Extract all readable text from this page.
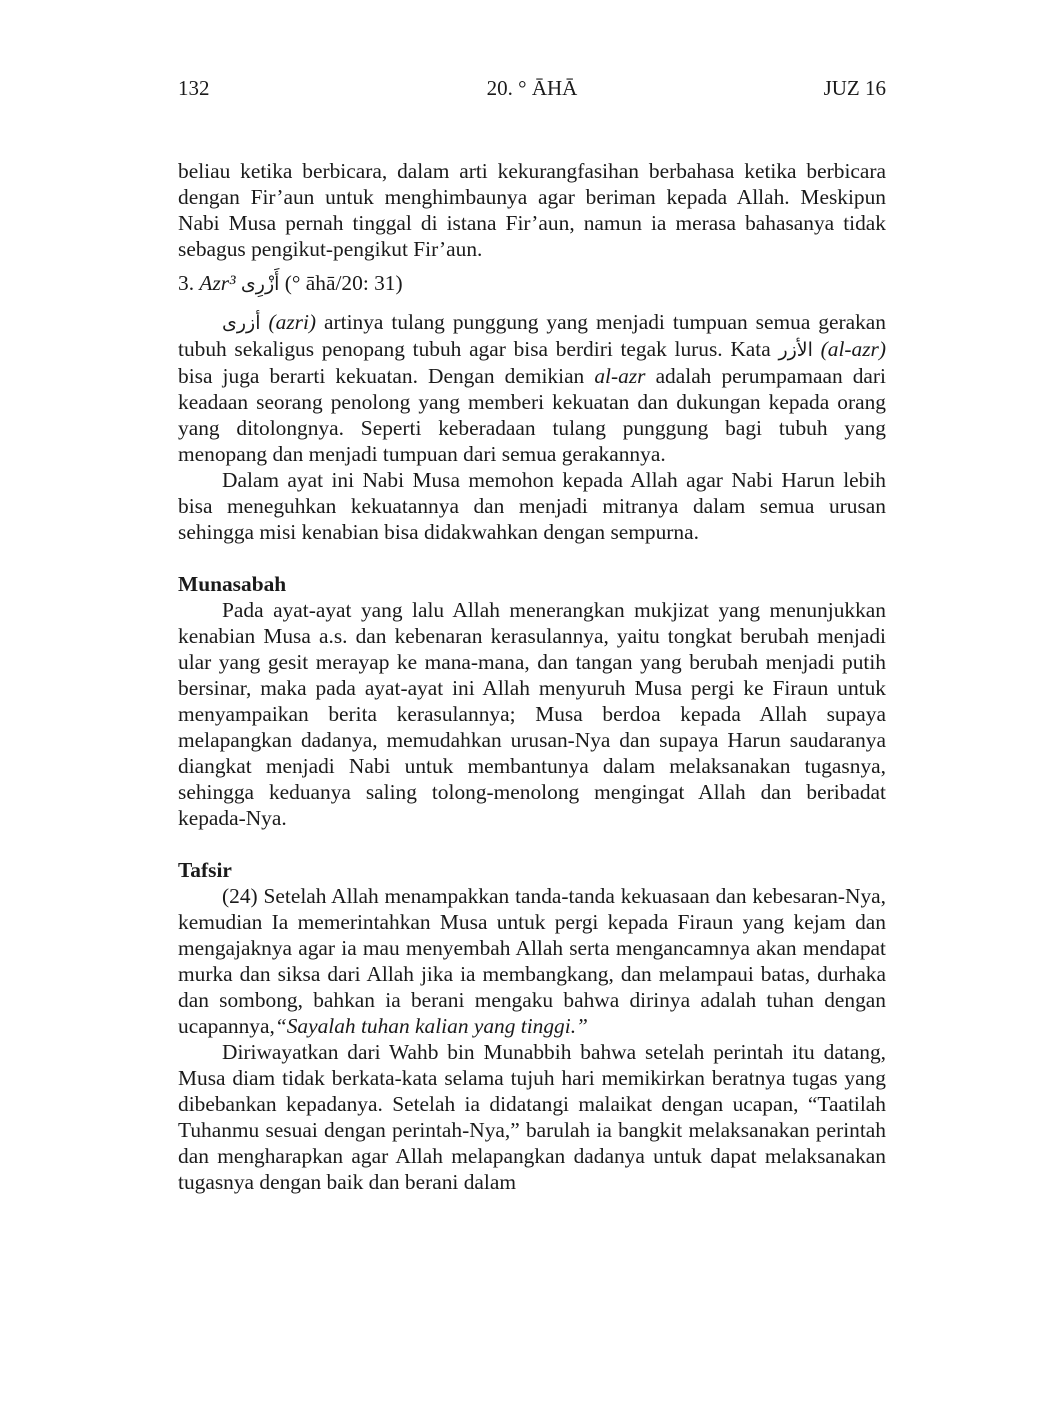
132	20. ° ĀHĀ	JUZ 16

beliau ketika berbicara, dalam arti kekurangfasihan berbahasa ketika berbicara dengan Fir’aun untuk menghimbaunya agar beriman kepada Allah. Meskipun Nabi Musa pernah tinggal di istana Fir’aun, namun ia merasa bahasanya tidak sebagus pengikut-pengikut Fir’aun.

3. Azr³ أَزْرِى (° āhā/20: 31)

أزرى (azri) artinya tulang punggung yang menjadi tumpuan semua gerakan tubuh sekaligus penopang tubuh agar bisa berdiri tegak lurus. Kata الأزر (al-azr) bisa juga berarti kekuatan. Dengan demikian al-azr adalah perumpamaan dari keadaan seorang penolong yang memberi kekuatan dan dukungan kepada orang yang ditolongnya. Seperti keberadaan tulang punggung bagi tubuh yang menopang dan menjadi tumpuan dari semua gerakannya.

Dalam ayat ini Nabi Musa memohon kepada Allah agar Nabi Harun lebih bisa meneguhkan kekuatannya dan menjadi mitranya dalam semua urusan sehingga misi kenabian bisa didakwahkan dengan sempurna.

Munasabah

Pada ayat-ayat yang lalu Allah menerangkan mukjizat yang menunjukkan kenabian Musa a.s. dan kebenaran kerasulannya, yaitu tongkat berubah menjadi ular yang gesit merayap ke mana-mana, dan tangan yang berubah menjadi putih bersinar, maka pada ayat-ayat ini Allah menyuruh Musa pergi ke Firaun untuk menyampaikan berita kerasulannya; Musa berdoa kepada Allah supaya melapangkan dadanya, memudahkan urusan-Nya dan supaya Harun saudaranya diangkat menjadi Nabi untuk membantunya dalam melaksanakan tugasnya, sehingga keduanya saling tolong-menolong mengingat Allah dan beribadat kepada-Nya.

Tafsir

(24) Setelah Allah menampakkan tanda-tanda kekuasaan dan kebesaran-Nya, kemudian Ia memerintahkan Musa untuk pergi kepada Firaun yang kejam dan mengajaknya agar ia mau menyembah Allah serta mengancamnya akan mendapat murka dan siksa dari Allah jika ia membangkang, dan melampaui batas, durhaka dan sombong, bahkan ia berani mengaku bahwa dirinya adalah tuhan dengan ucapannya,“Sayalah tuhan kalian yang tinggi.”

Diriwayatkan dari Wahb bin Munabbih bahwa setelah perintah itu datang, Musa diam tidak berkata-kata selama tujuh hari memikirkan beratnya tugas yang dibebankan kepadanya. Setelah ia didatangi malaikat dengan ucapan, “Taatilah Tuhanmu sesuai dengan perintah-Nya,” barulah ia bangkit melaksanakan perintah dan mengharapkan agar Allah melapangkan dadanya untuk dapat melaksanakan tugasnya dengan baik dan berani dalam
